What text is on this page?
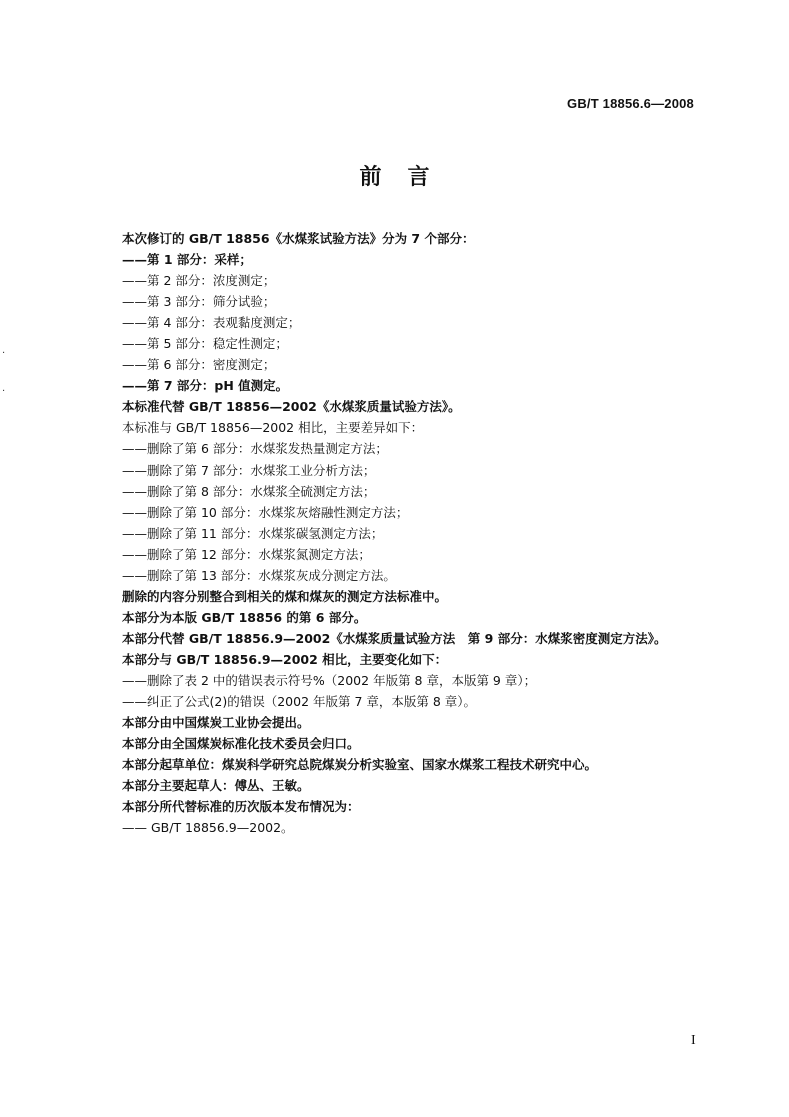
GB/T 18856.6—2008
前言
本次修订的 GB/T 18856《水煤浆试验方法》分为 7 个部分：
——第 1 部分：采样；
——第 2 部分：浓度测定；
——第 3 部分：筛分试验；
——第 4 部分：表观黏度测定；
——第 5 部分：稳定性测定；
——第 6 部分：密度测定；
——第 7 部分：pH 值测定。
本标准代替 GB/T 18856—2002《水煤浆质量试验方法》。
本标准与 GB/T 18856—2002 相比，主要差异如下：
——删除了第 6 部分：水煤浆发热量测定方法；
——删除了第 7 部分：水煤浆工业分析方法；
——删除了第 8 部分：水煤浆全硫测定方法；
——删除了第 10 部分：水煤浆灰熔融性测定方法；
——删除了第 11 部分：水煤浆碳氢测定方法；
——删除了第 12 部分：水煤浆氮测定方法；
——删除了第 13 部分：水煤浆灰成分测定方法。
删除的内容分别整合到相关的煤和煤灰的测定方法标准中。
本部分为本版 GB/T 18856 的第 6 部分。
本部分代替 GB/T 18856.9—2002《水煤浆质量试验方法　第 9 部分：水煤浆密度测定方法》。
本部分与 GB/T 18856.9—2002 相比，主要变化如下：
——删除了表 2 中的错误表示符号%（2002 年版第 8 章，本版第 9 章）；
——纠正了公式(2)的错误（2002 年版第 7 章，本版第 8 章）。
本部分由中国煤炭工业协会提出。
本部分由全国煤炭标准化技术委员会归口。
本部分起草单位：煤炭科学研究总院煤炭分析实验室、国家水煤浆工程技术研究中心。
本部分主要起草人：傅丛、王敏。
本部分所代替标准的历次版本发布情况为：
—— GB/T 18856.9—2002。
I
·
·
